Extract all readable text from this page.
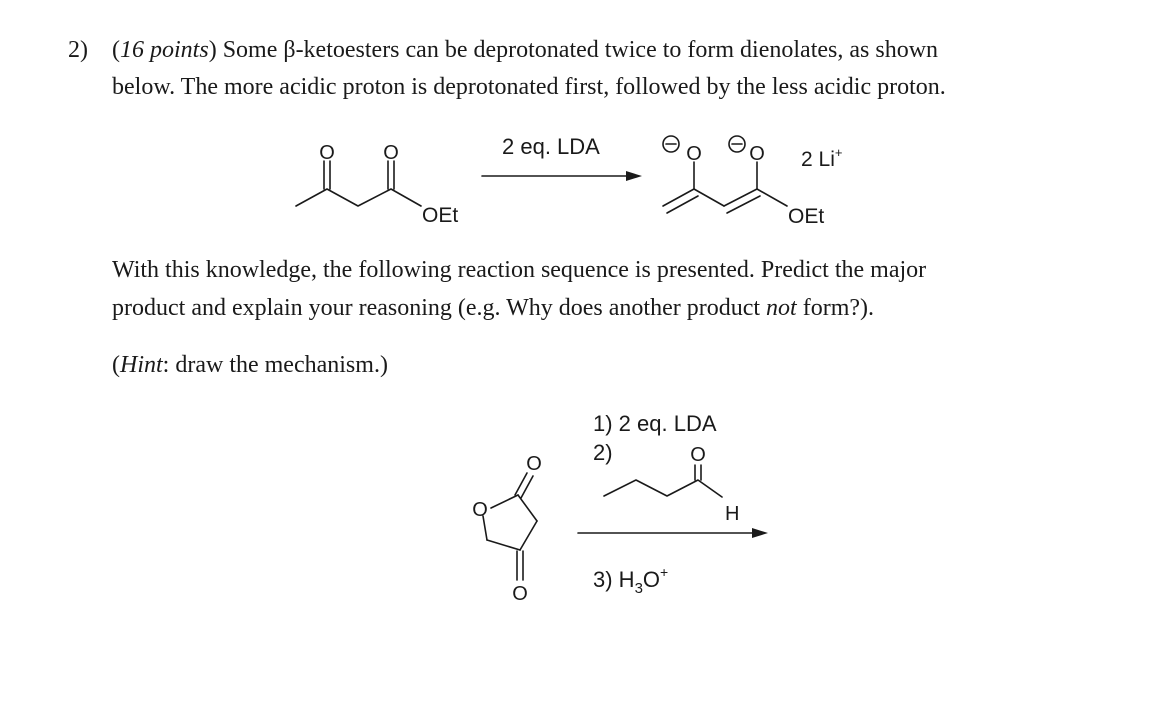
2) (16 points) Some β-ketoesters can be deprotonated twice to form dienolates, as shown
below. The more acidic proton is deprotonated first, followed by the less acidic proton.
With this knowledge, the following reaction sequence is presented. Predict the major
product and explain your reasoning (e.g. Why does another product not form?).
(Hint: draw the mechanism.)
O O
OEt
2 eq. LDA	O O
OEt
2 Li+
O
O
O
1) 2 eq. LDA
2)	O
H
3) $H_3O^+$
